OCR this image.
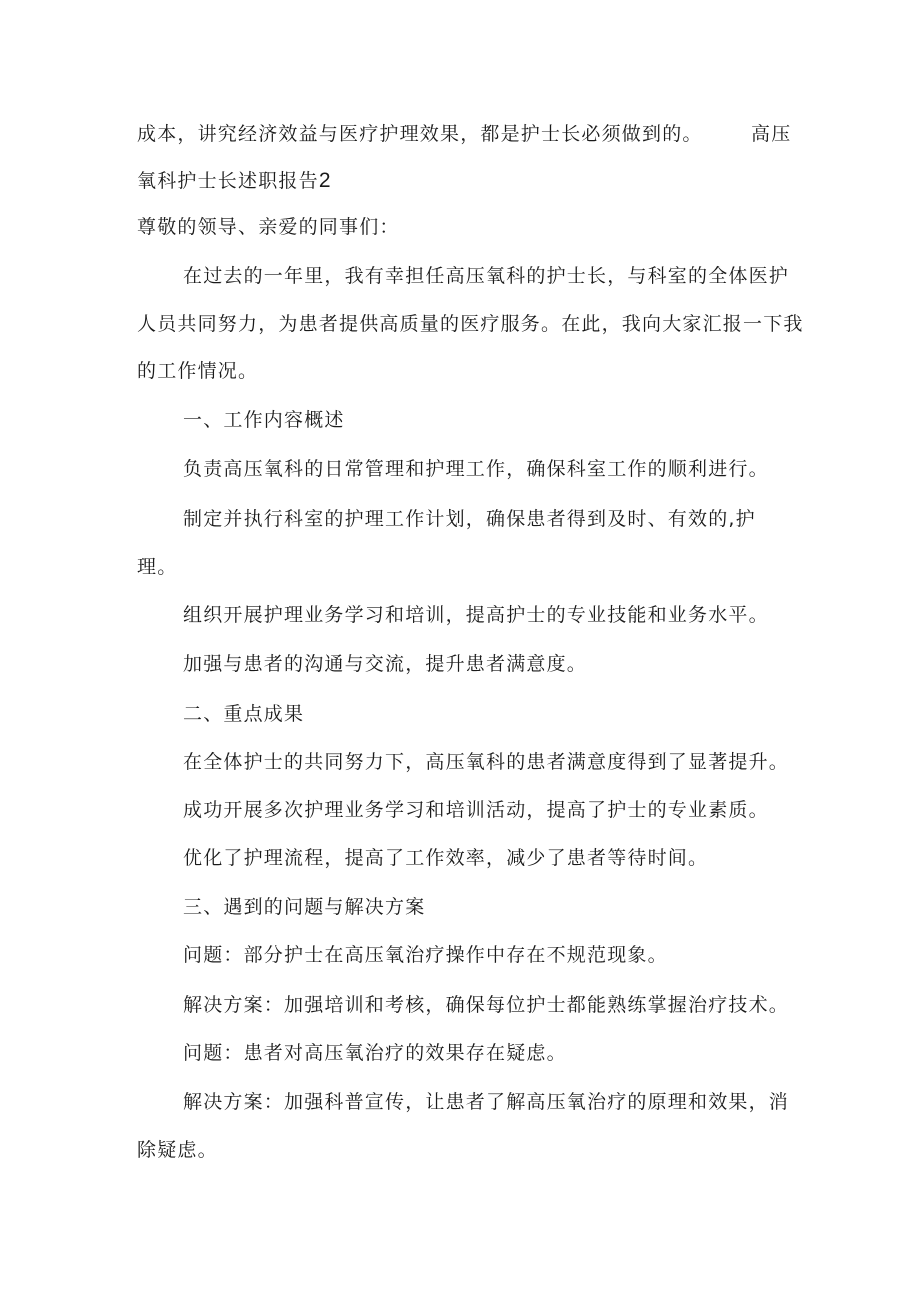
成本，讲究经济效益与医疗护理效果，都是护士长必须做到的。	高压
氧科护士长述职报告2
尊敬的领导、亲爱的同事们：
在过去的一年里，我有幸担任高压氧科的护士长，与科室的全体医护
人员共同努力，为患者提供高质量的医疗服务。在此，我向大家汇报一下我
的工作情况。
一、工作内容概述
负责高压氧科的日常管理和护理工作，确保科室工作的顺利进行。
制定并执行科室的护理工作计划，确保患者得到及时、有效的,护
理。
组织开展护理业务学习和培训，提高护士的专业技能和业务水平。
加强与患者的沟通与交流，提升患者满意度。
二、重点成果
在全体护士的共同努力下，高压氧科的患者满意度得到了显著提升。
成功开展多次护理业务学习和培训活动，提高了护士的专业素质。
优化了护理流程，提高了工作效率，减少了患者等待时间。
三、遇到的问题与解决方案
问题：部分护士在高压氧治疗操作中存在不规范现象。
解决方案：加强培训和考核，确保每位护士都能熟练掌握治疗技术。
问题：患者对高压氧治疗的效果存在疑虑。
解决方案：加强科普宣传，让患者了解高压氧治疗的原理和效果，消
除疑虑。
